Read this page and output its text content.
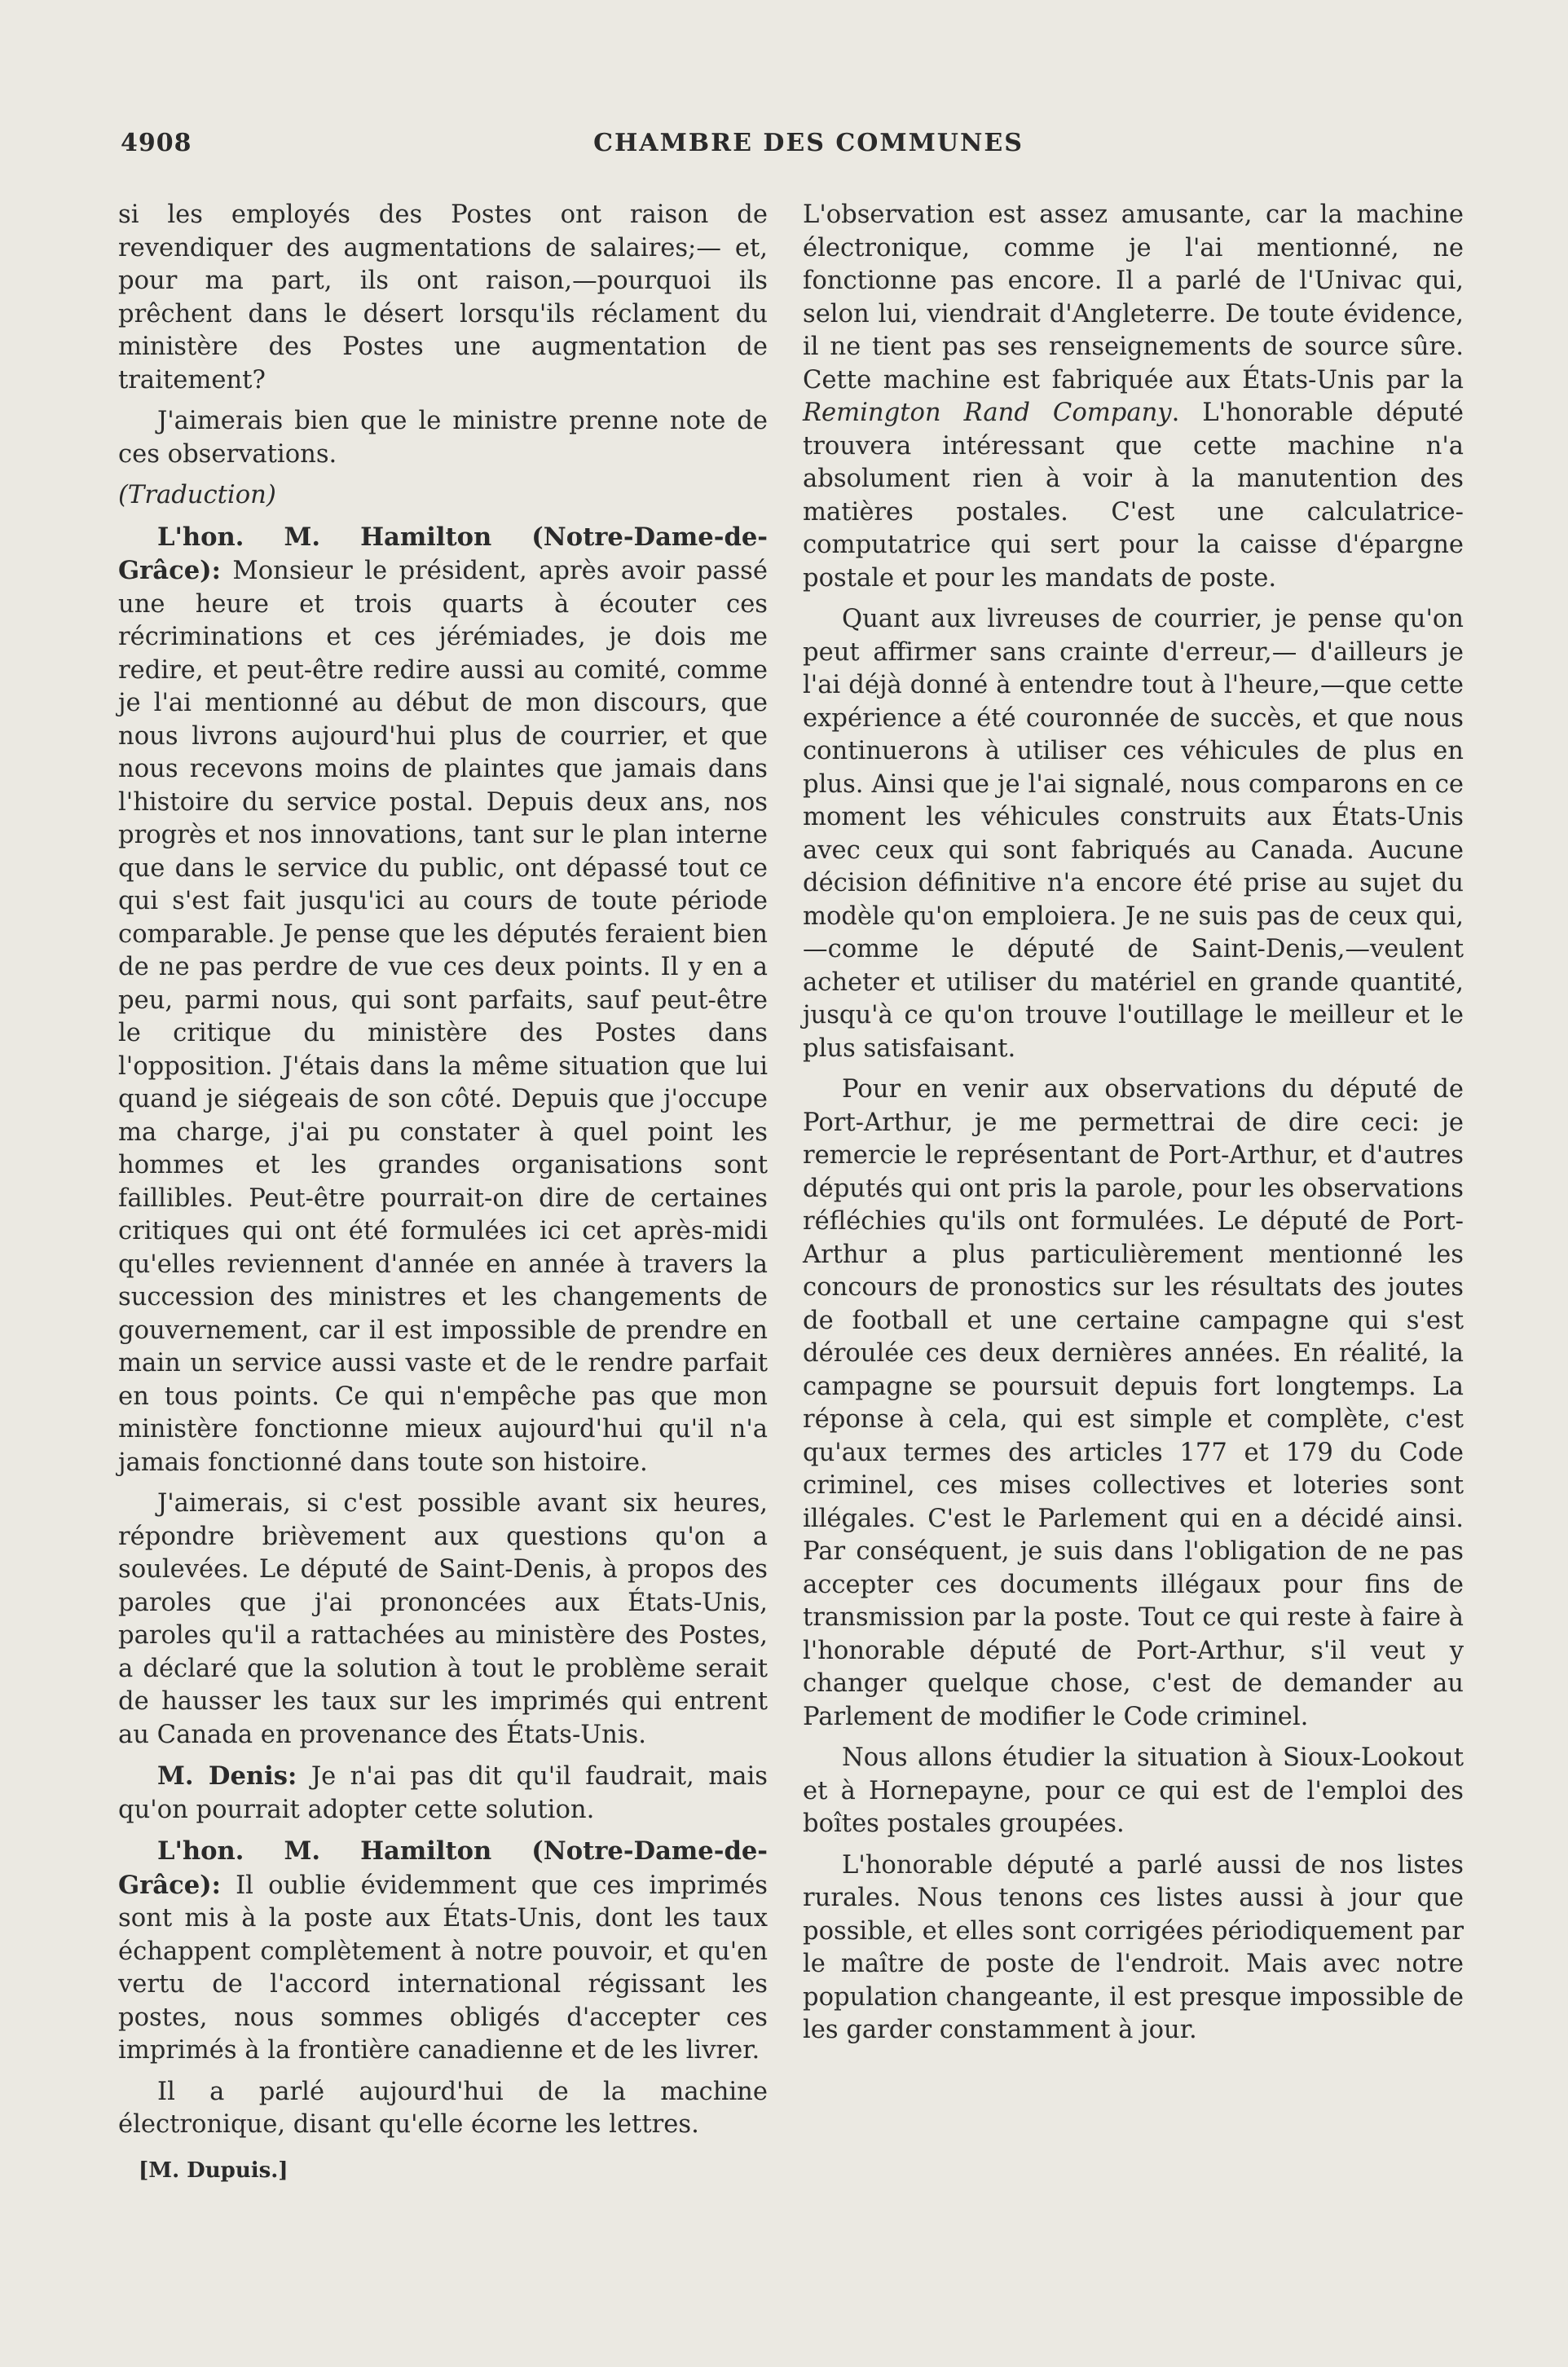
4908	CHAMBRE DES COMMUNES

si les employés des Postes ont raison de revendiquer des augmentations de salaires;— et, pour ma part, ils ont raison,—pourquoi ils prêchent dans le désert lorsqu'ils réclament du ministère des Postes une augmentation de traitement?

J'aimerais bien que le ministre prenne note de ces observations.

(Traduction)

L'hon. M. Hamilton (Notre-Dame-de-Grâce): Monsieur le président, après avoir passé une heure et trois quarts à écouter ces récriminations et ces jérémiades, je dois me redire, et peut-être redire aussi au comité, comme je l'ai mentionné au début de mon discours, que nous livrons aujourd'hui plus de courrier, et que nous recevons moins de plaintes que jamais dans l'histoire du service postal. Depuis deux ans, nos progrès et nos innovations, tant sur le plan interne que dans le service du public, ont dépassé tout ce qui s'est fait jusqu'ici au cours de toute période comparable. Je pense que les députés feraient bien de ne pas perdre de vue ces deux points. Il y en a peu, parmi nous, qui sont parfaits, sauf peut-être le critique du ministère des Postes dans l'opposition. J'étais dans la même situation que lui quand je siégeais de son côté. Depuis que j'occupe ma charge, j'ai pu constater à quel point les hommes et les grandes organisations sont faillibles. Peut-être pourrait-on dire de certaines critiques qui ont été formulées ici cet après-midi qu'elles reviennent d'année en année à travers la succession des ministres et les changements de gouvernement, car il est impossible de prendre en main un service aussi vaste et de le rendre parfait en tous points. Ce qui n'empêche pas que mon ministère fonctionne mieux aujourd'hui qu'il n'a jamais fonctionné dans toute son histoire.

J'aimerais, si c'est possible avant six heures, répondre brièvement aux questions qu'on a soulevées. Le député de Saint-Denis, à propos des paroles que j'ai prononcées aux États-Unis, paroles qu'il a rattachées au ministère des Postes, a déclaré que la solution à tout le problème serait de hausser les taux sur les imprimés qui entrent au Canada en provenance des États-Unis.

M. Denis: Je n'ai pas dit qu'il faudrait, mais qu'on pourrait adopter cette solution.

L'hon. M. Hamilton (Notre-Dame-de-Grâce): Il oublie évidemment que ces imprimés sont mis à la poste aux États-Unis, dont les taux échappent complètement à notre pouvoir, et qu'en vertu de l'accord international régissant les postes, nous sommes obligés d'accepter ces imprimés à la frontière canadienne et de les livrer.

Il a parlé aujourd'hui de la machine électronique, disant qu'elle écorne les lettres.

L'observation est assez amusante, car la machine électronique, comme je l'ai mentionné, ne fonctionne pas encore. Il a parlé de l'Univac qui, selon lui, viendrait d'Angleterre. De toute évidence, il ne tient pas ses renseignements de source sûre. Cette machine est fabriquée aux États-Unis par la Remington Rand Company. L'honorable député trouvera intéressant que cette machine n'a absolument rien à voir à la manutention des matières postales. C'est une calculatrice-computatrice qui sert pour la caisse d'épargne postale et pour les mandats de poste.

Quant aux livreuses de courrier, je pense qu'on peut affirmer sans crainte d'erreur,— d'ailleurs je l'ai déjà donné à entendre tout à l'heure,—que cette expérience a été couronnée de succès, et que nous continuerons à utiliser ces véhicules de plus en plus. Ainsi que je l'ai signalé, nous comparons en ce moment les véhicules construits aux États-Unis avec ceux qui sont fabriqués au Canada. Aucune décision définitive n'a encore été prise au sujet du modèle qu'on emploiera. Je ne suis pas de ceux qui,—comme le député de Saint-Denis,—veulent acheter et utiliser du matériel en grande quantité, jusqu'à ce qu'on trouve l'outillage le meilleur et le plus satisfaisant.

Pour en venir aux observations du député de Port-Arthur, je me permettrai de dire ceci: je remercie le représentant de Port-Arthur, et d'autres députés qui ont pris la parole, pour les observations réfléchies qu'ils ont formulées. Le député de Port-Arthur a plus particulièrement mentionné les concours de pronostics sur les résultats des joutes de football et une certaine campagne qui s'est déroulée ces deux dernières années. En réalité, la campagne se poursuit depuis fort longtemps. La réponse à cela, qui est simple et complète, c'est qu'aux termes des articles 177 et 179 du Code criminel, ces mises collectives et loteries sont illégales. C'est le Parlement qui en a décidé ainsi. Par conséquent, je suis dans l'obligation de ne pas accepter ces documents illégaux pour fins de transmission par la poste. Tout ce qui reste à faire à l'honorable député de Port-Arthur, s'il veut y changer quelque chose, c'est de demander au Parlement de modifier le Code criminel.

Nous allons étudier la situation à Sioux-Lookout et à Hornepayne, pour ce qui est de l'emploi des boîtes postales groupées.

L'honorable député a parlé aussi de nos listes rurales. Nous tenons ces listes aussi à jour que possible, et elles sont corrigées périodiquement par le maître de poste de l'endroit. Mais avec notre population changeante, il est presque impossible de les garder constamment à jour.

[M. Dupuis.]
